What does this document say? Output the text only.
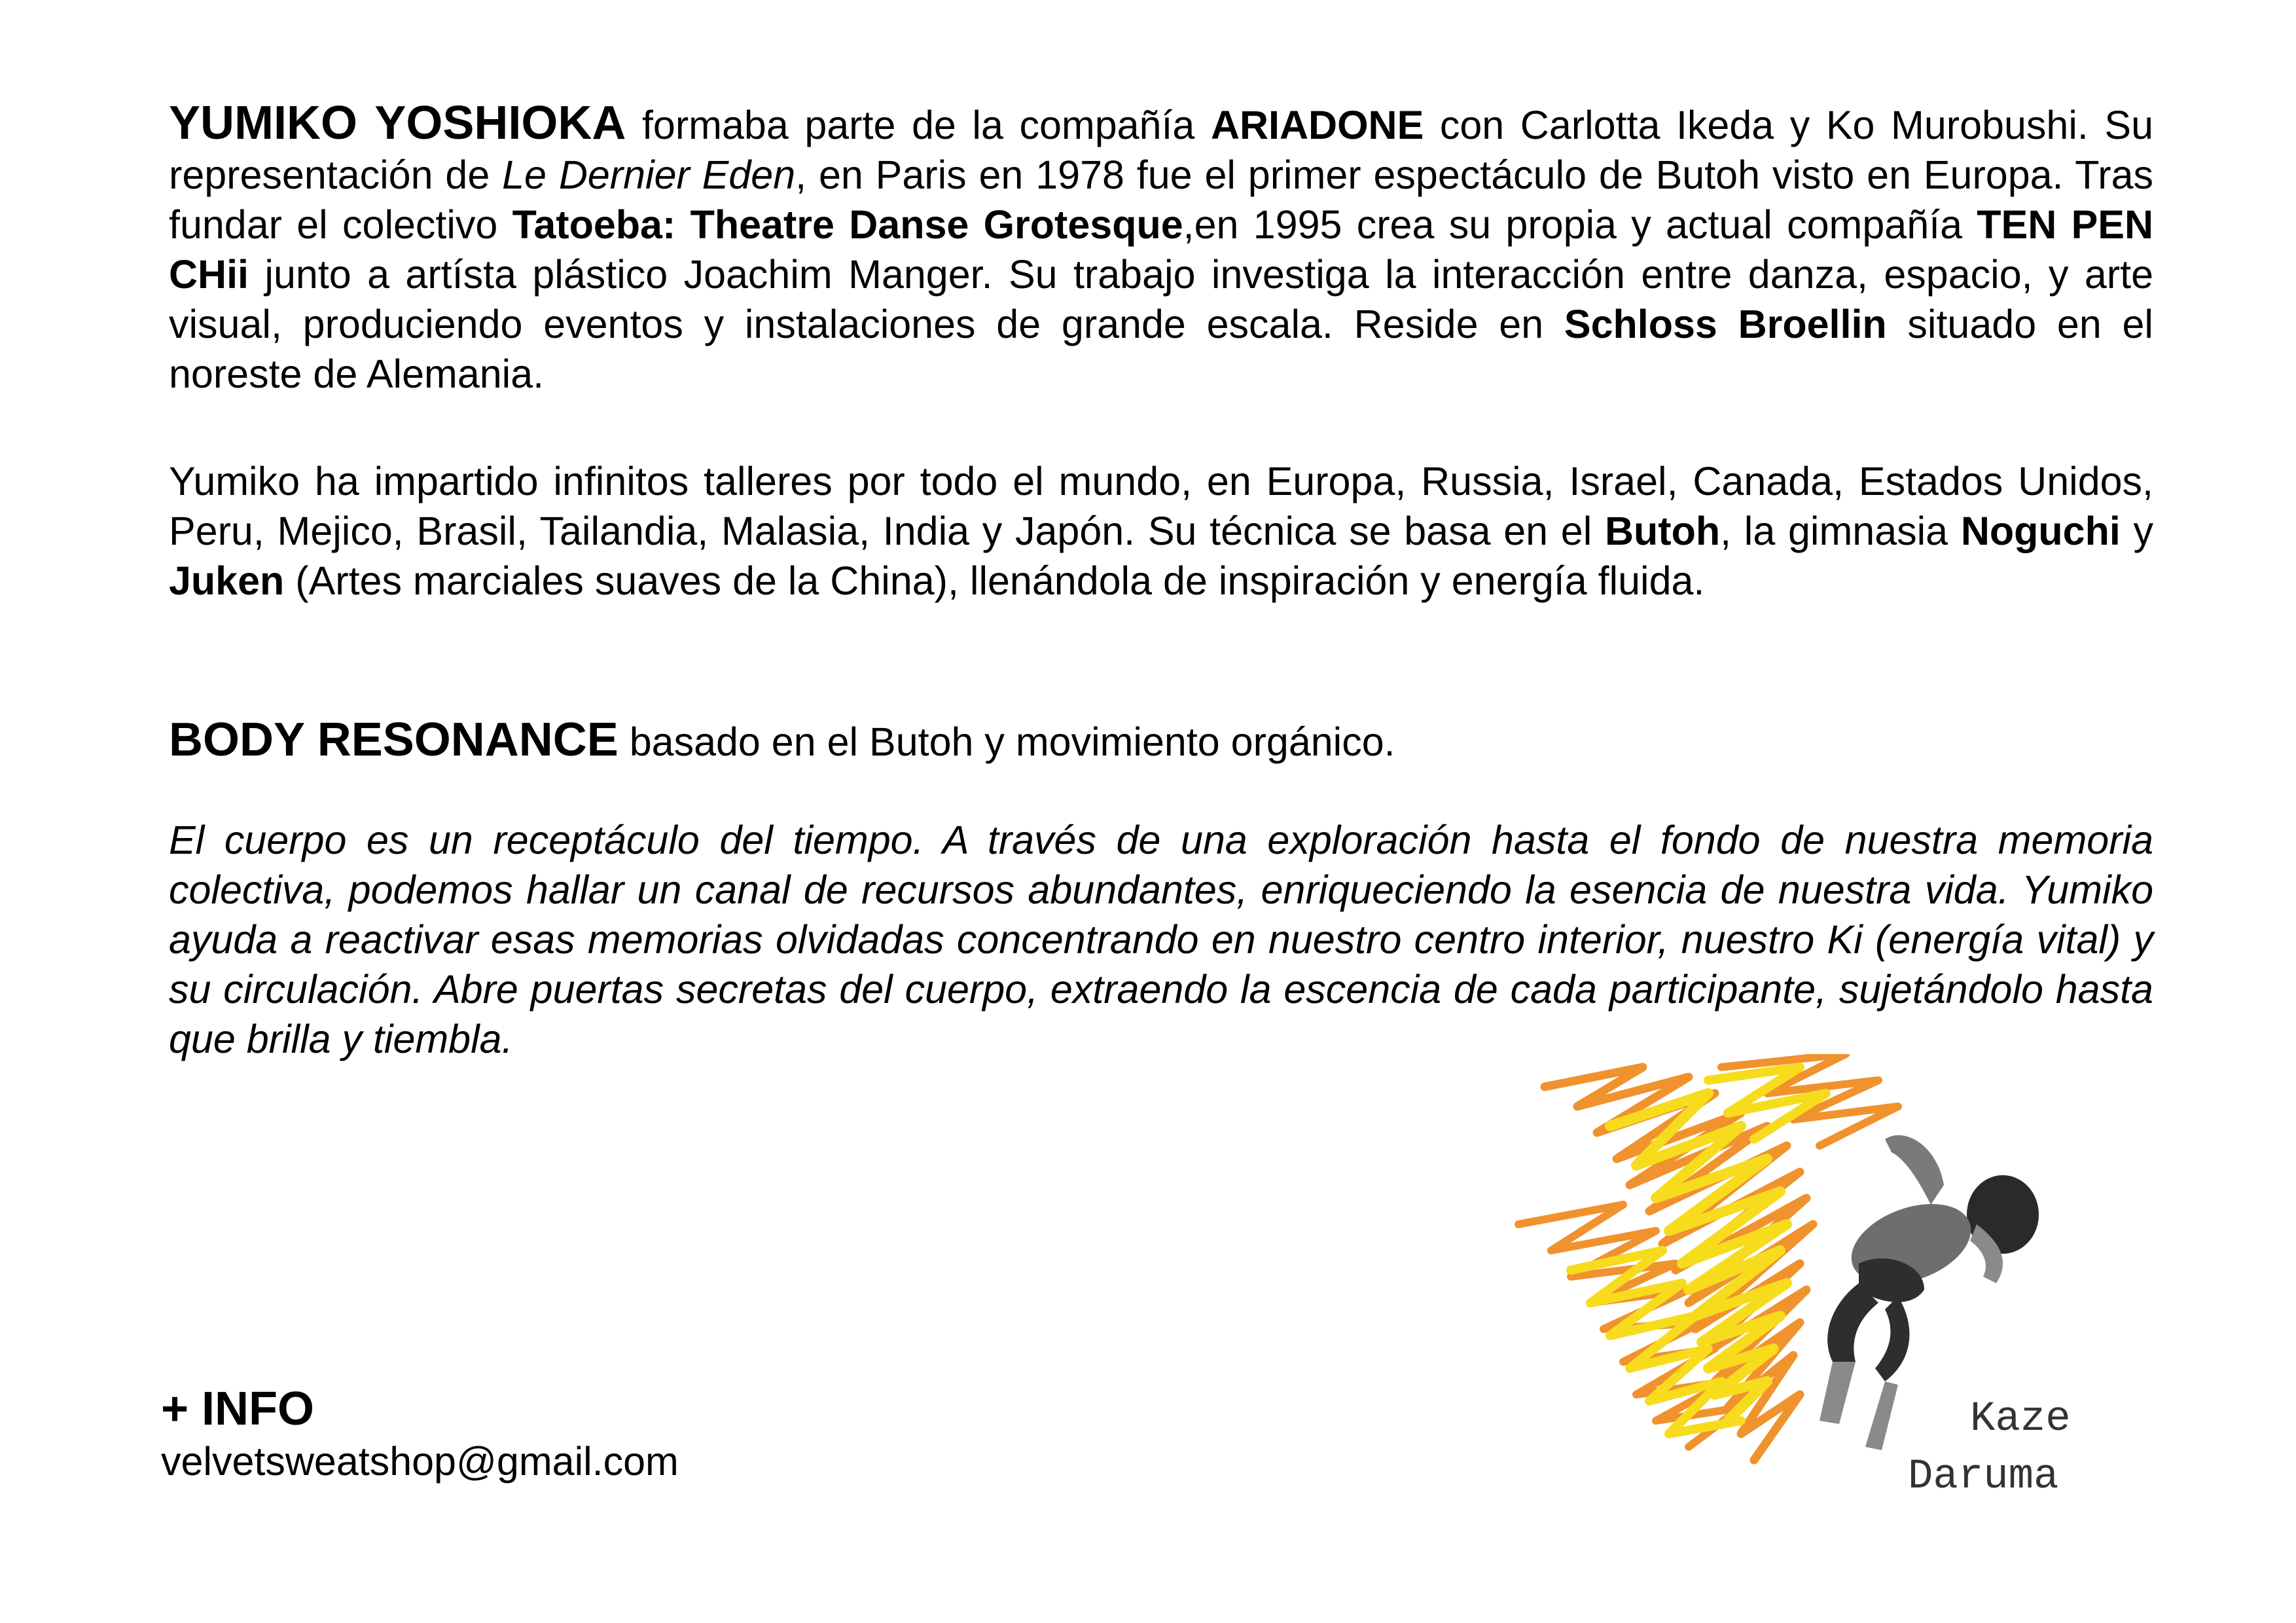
YUMIKO YOSHIOKA formaba parte de la compañía ARIADONE con Carlotta Ikeda y Ko Murobushi. Su representación de Le Dernier Eden, en Paris en 1978 fue el primer espectáculo de Butoh visto en Europa. Tras fundar el colectivo Tatoeba: Theatre Danse Grotesque,en 1995 crea su propia y actual compañía TEN PEN CHii junto a artísta plástico Joachim Manger. Su trabajo investiga la interacción entre danza, espacio, y arte visual, produciendo eventos y instalaciones de grande escala. Reside en Schloss Broellin situado en el noreste de Alemania.

Yumiko ha impartido infinitos talleres por todo el mundo, en Europa, Russia, Israel, Canada, Estados Unidos, Peru, Mejico, Brasil, Tailandia, Malasia, India y Japón. Su técnica se basa en el Butoh, la gimnasia Noguchi y Juken (Artes marciales suaves de la China), llenándola de inspiración y energía fluida.

BODY RESONANCE basado en el Butoh y movimiento orgánico.

El cuerpo es un receptáculo del tiempo. A través de una exploración hasta el fondo de nuestra memoria colectiva, podemos hallar un canal de recursos abundantes, enriqueciendo la esencia de nuestra vida. Yumiko ayuda a reactivar esas memorias olvidadas concentrando en nuestro centro interior, nuestro Ki (energía vital) y su circulación. Abre puertas secretas del cuerpo, extraendo la escencia de cada participante, sujetándolo hasta que brilla y tiembla.

Kaze
Daruma
+ INFO
velvetsweatshop@gmail.com
